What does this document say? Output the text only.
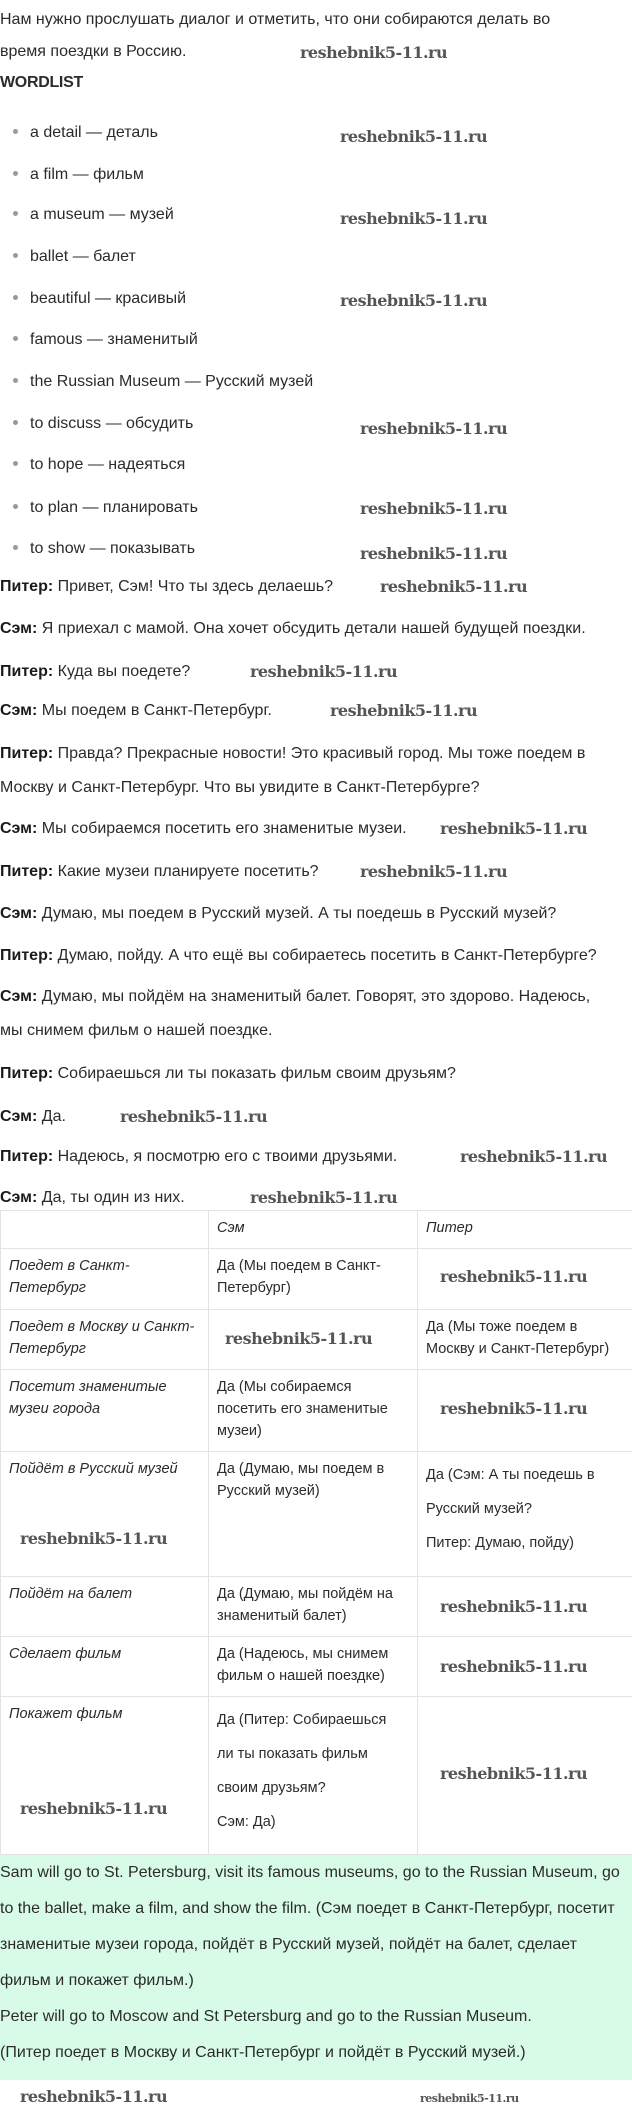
Нам нужно прослушать диалог и отметить, что они собираются делать во
время поездки в Россию.
WORDLIST
a detail — деталь
a film — фильм
a museum — музей
ballet — балет
beautiful — красивый
famous — знаменитый
the Russian Museum — Русский музей
to discuss — обсудить
to hope — надеяться
to plan — планировать
to show — показывать
Питер: Привет, Сэм! Что ты здесь делаешь?
Сэм: Я приехал с мамой. Она хочет обсудить детали нашей будущей поездки.
Питер: Куда вы поедете?
Сэм: Мы поедем в Санкт-Петербург.
Питер: Правда? Прекрасные новости! Это красивый город. Мы тоже поедем в
Москву и Санкт-Петербург. Что вы увидите в Санкт-Петербурге?
Сэм: Мы собираемся посетить его знаменитые музеи.
Питер: Какие музеи планируете посетить?
Сэм: Думаю, мы поедем в Русский музей. А ты поедешь в Русский музей?
Питер: Думаю, пойду. А что ещё вы собираетесь посетить в Санкт-Петербурге?
Сэм: Думаю, мы пойдём на знаменитый балет. Говорят, это здорово. Надеюсь,
мы снимем фильм о нашей поездке.
Питер: Собираешься ли ты показать фильм своим друзьям?
Сэм: Да.
Питер: Надеюсь, я посмотрю его с твоими друзьями.
Сэм: Да, ты один из них.
	Сэм	Питер
Поедет в Санкт-Петербург	Да (Мы поедем в Санкт-Петербург)	

Поедет в Москву и Санкт-Петербург		Да (Мы тоже поедем в Москву и Санкт-Петербург)

Посетит знаменитые музеи города	Да (Мы собираемся посетить его знаменитые музеи)	

Пойдёт в Русский музей	Да (Думаю, мы поедем в Русский музей)	Да (Сэм: А ты поедешь в
Русский музей?
Питер: Думаю, пойду)

Пойдёт на балет	Да (Думаю, мы пойдём на знаменитый балет)	

Сделает фильм	Да (Надеюсь, мы снимем фильм о нашей поездке)	

Покажет фильм	Да (Питер: Собираешься
ли ты показать фильм
своим друзьям?
Сэм: Да)	

Sam will go to St. Petersburg, visit its famous museums, go to the Russian Museum, go to the ballet, make a film, and show the film. (Сэм поедет в Санкт-Петербург, посетит знаменитые музеи города, пойдёт в Русский музей, пойдёт на балет, сделает фильм и покажет фильм.)

Peter will go to Moscow and St Petersburg and go to the Russian Museum.

(Питер поедет в Москву и Санкт-Петербург и пойдёт в Русский музей.)

reshebnik5-11.ru
reshebnik5-11.ru
reshebnik5-11.ru
reshebnik5-11.ru
reshebnik5-11.ru
reshebnik5-11.ru
reshebnik5-11.ru
reshebnik5-11.ru
reshebnik5-11.ru
reshebnik5-11.ru
reshebnik5-11.ru
reshebnik5-11.ru
reshebnik5-11.ru
reshebnik5-11.ru
reshebnik5-11.ru
reshebnik5-11.ru
reshebnik5-11.ru
reshebnik5-11.ru
reshebnik5-11.ru
reshebnik5-11.ru
reshebnik5-11.ru
reshebnik5-11.ru
reshebnik5-11.ru
reshebnik5-11.ru	reshebnik5-11.ru
